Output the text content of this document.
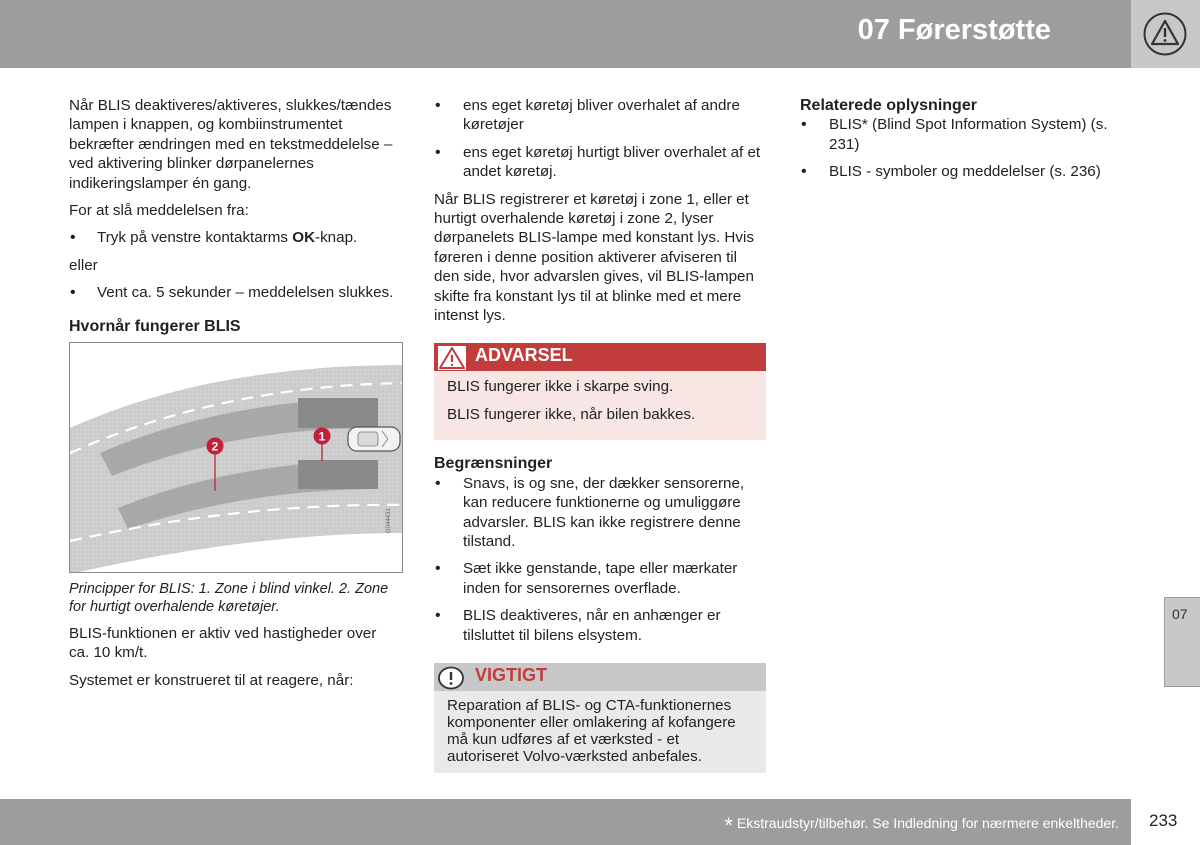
07 Førerstøtte

Når BLIS deaktiveres/aktiveres, slukkes/tændes lampen i knappen, og kombiinstrumentet bekræfter ændringen med en tekstmeddelelse – ved aktivering blinker dørpanelernes indikeringslamper én gang.

For at slå meddelelsen fra:

• Tryk på venstre kontaktarms OK-knap.

eller

• Vent ca. 5 sekunder – meddelelsen slukkes.
Hvornår fungerer BLIS
2
1
G044431

Principper for BLIS: 1. Zone i blind vinkel. 2. Zone for hurtigt overhalende køretøjer.

BLIS-funktionen er aktiv ved hastigheder over ca. 10 km/t.

Systemet er konstrueret til at reagere, når:

• ens eget køretøj bliver overhalet af andre køretøjer
• ens eget køretøj hurtigt bliver overhalet af et andet køretøj.

Når BLIS registrerer et køretøj i zone 1, eller et hurtigt overhalende køretøj i zone 2, lyser dørpanelets BLIS-lampe med konstant lys. Hvis føreren i denne position aktiverer afviseren til den side, hvor advarslen gives, vil BLIS-lampen skifte fra konstant lys til at blinke med et mere intenst lys.

ADVARSEL

BLIS fungerer ikke i skarpe sving.

BLIS fungerer ikke, når bilen bakkes.

Begrænsninger
• Snavs, is og sne, der dækker sensorerne, kan reducere funktionerne og umuliggøre advarsler. BLIS kan ikke registrere denne tilstand.
• Sæt ikke genstande, tape eller mærkater inden for sensorernes overflade.
• BLIS deaktiveres, når en anhænger er tilsluttet til bilens elsystem.
VIGTIGT

Reparation af BLIS- og CTA-funktionernes komponenter eller omlakering af kofangere må kun udføres af et værksted - et autoriseret Volvo-værksted anbefales.

Relaterede oplysninger
• BLIS* (Blind Spot Information System) (s. 231)
• BLIS - symboler og meddelelser (s. 236)
07
* Ekstraudstyr/tilbehør. Se Indledning for nærmere enkeltheder. 233
